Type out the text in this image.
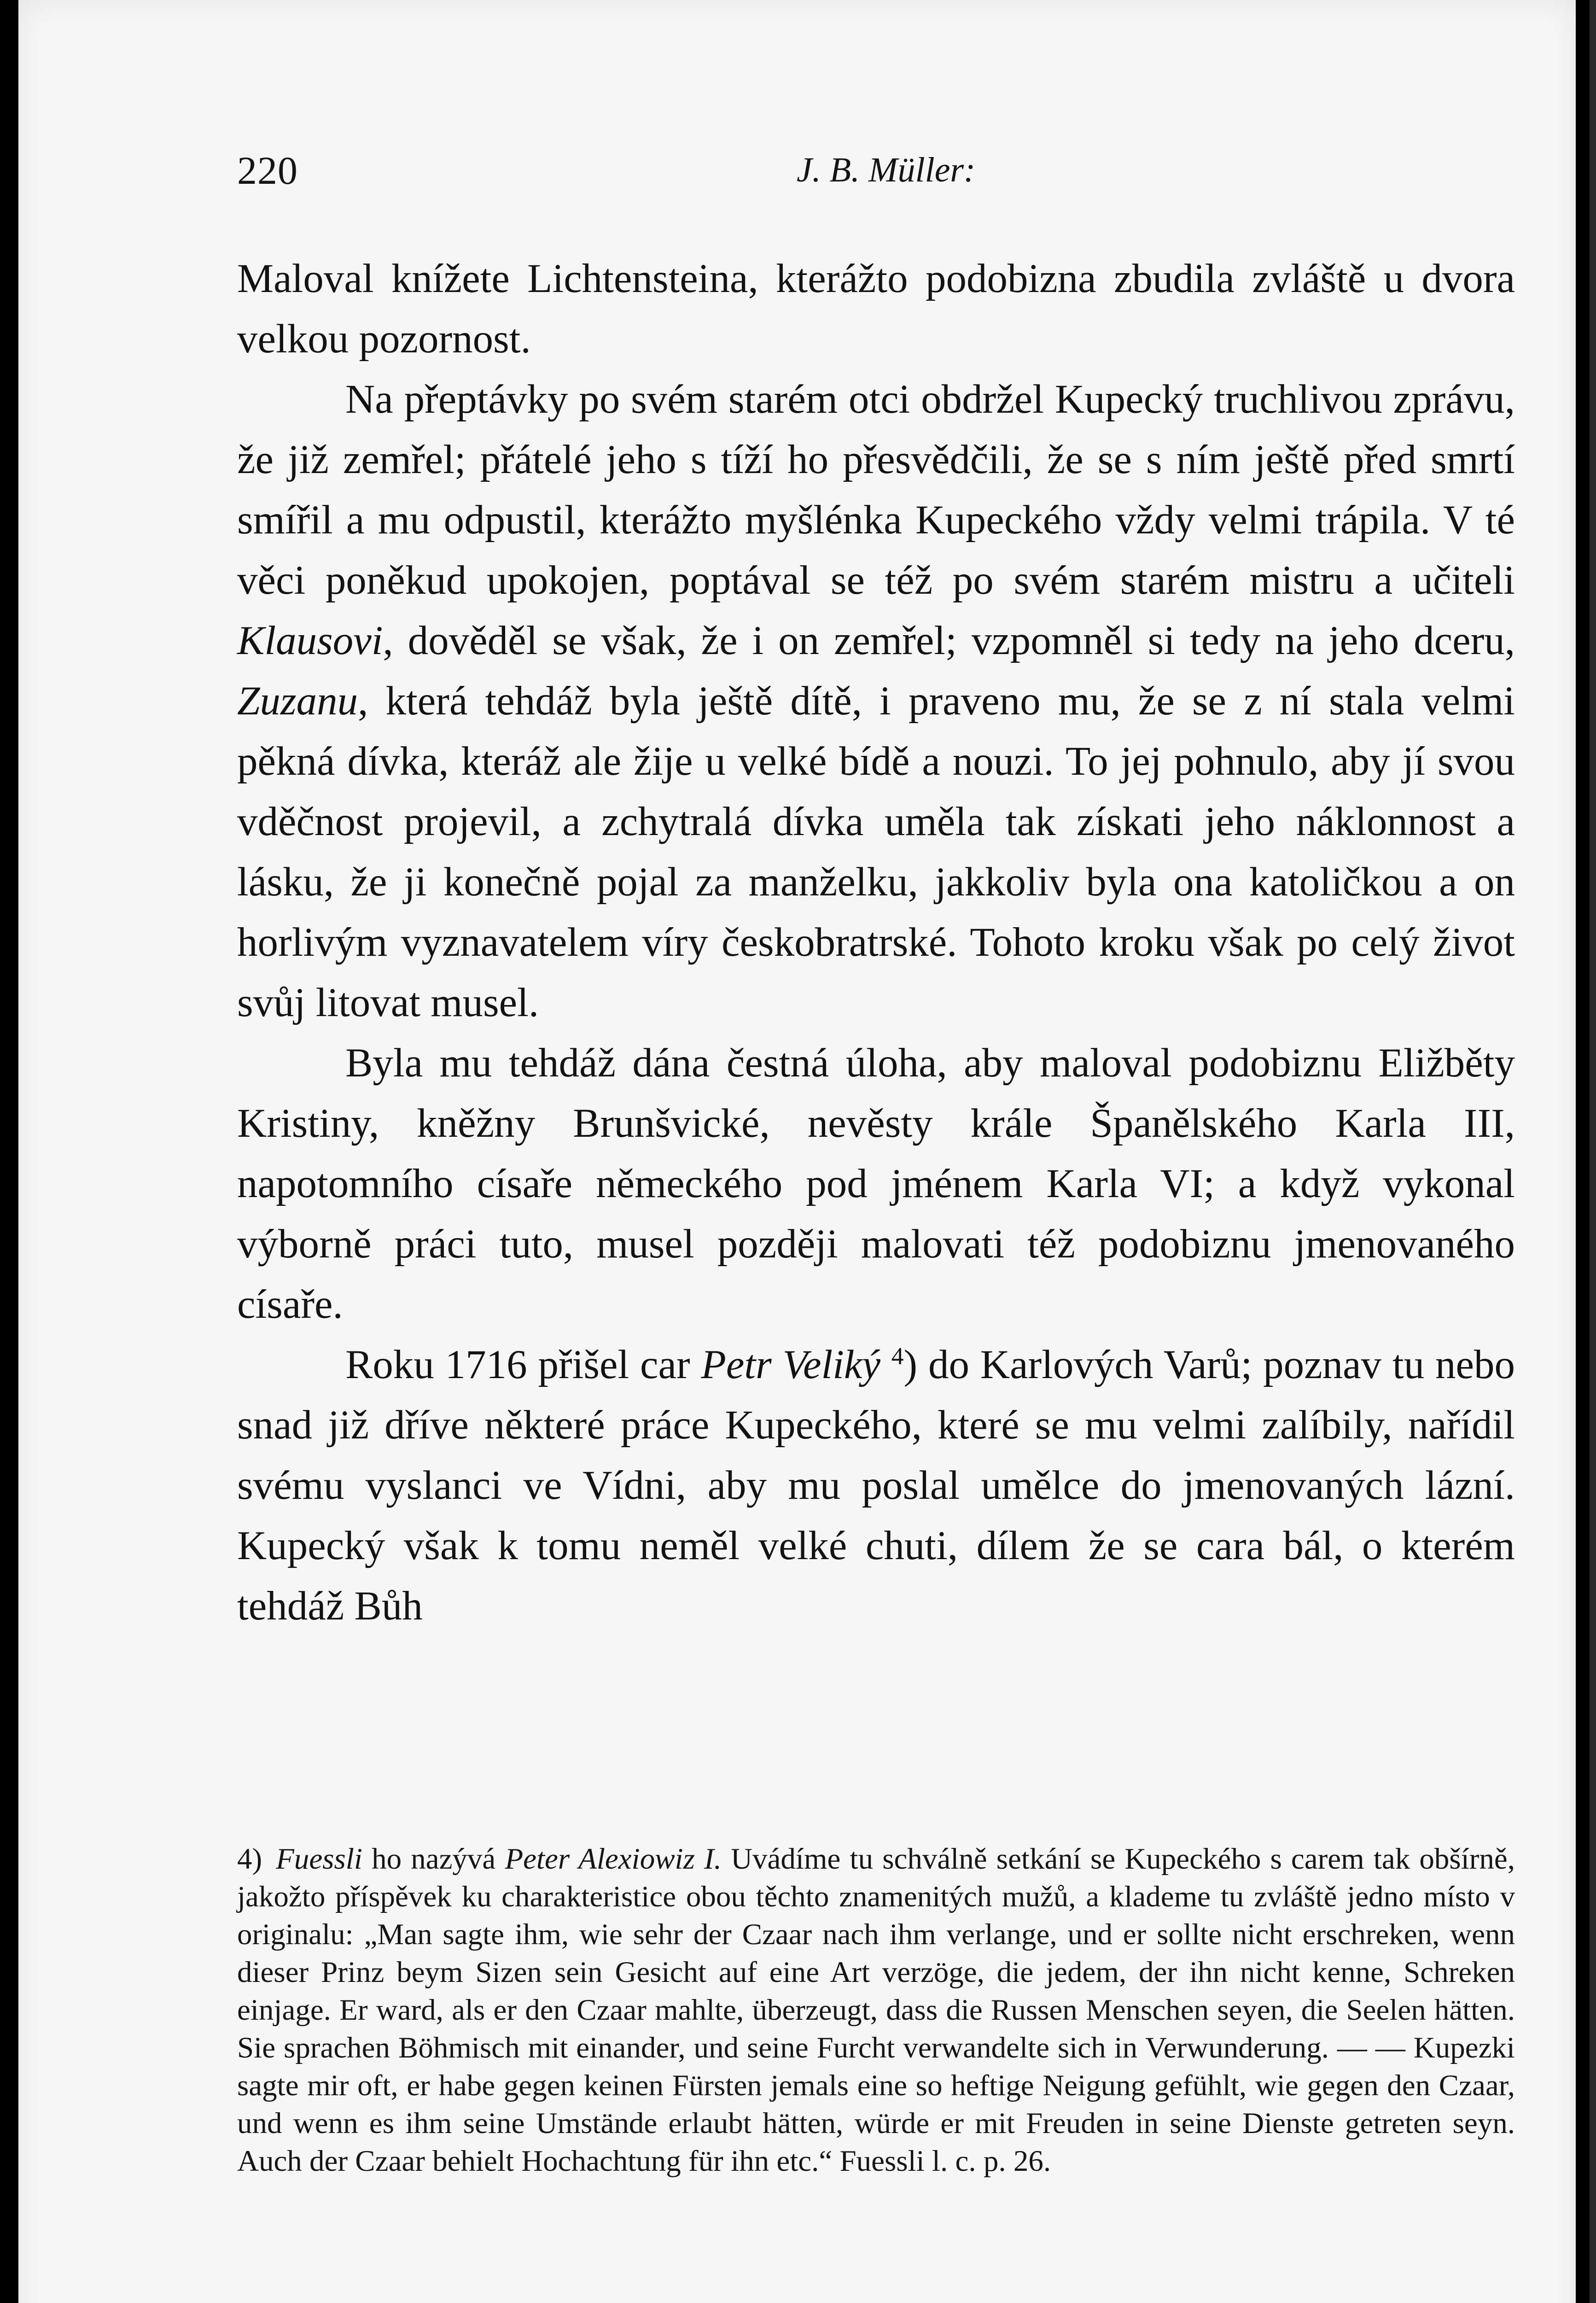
220	J. B. Müller:

Maloval knížete Lichtensteina, kterážto podobizna zbudila zvláště u dvora velkou pozornost.

Na přeptávky po svém starém otci obdržel Kupecký truchlivou zprávu, že již zemřel; přátelé jeho s tíží ho přesvědčili, že se s ním ještě před smrtí smířil a mu odpustil, kterážto myšlénka Kupeckého vždy velmi trápila. V té věci poněkud upokojen, poptával se též po svém starém mistru a učiteli Klausovi, dověděl se však, že i on zemřel; vzpomněl si tedy na jeho dceru, Zuzanu, která tehdáž byla ještě dítě, i praveno mu, že se z ní stala velmi pěkná dívka, kteráž ale žije u velké bídě a nouzi. To jej pohnulo, aby jí svou vděčnost projevil, a zchytralá dívka uměla tak získati jeho náklonnost a lásku, že ji konečně pojal za manželku, jakkoliv byla ona katoličkou a on horlivým vyznavatelem víry českobratrské. Tohoto kroku však po celý život svůj litovat musel.

Byla mu tehdáž dána čestná úloha, aby maloval podobiznu Eližběty Kristiny, kněžny Brunšvické, nevěsty krále Španělského Karla III, napotomního císaře německého pod jménem Karla VI; a když vykonal výborně práci tuto, musel později malovati též podobiznu jmenovaného císaře.

Roku 1716 přišel car Petr Veliký $^4$) do Karlových Varů; poznav tu nebo snad již dříve některé práce Kupeckého, které se mu velmi zalíbily, nařídil svému vyslanci ve Vídni, aby mu poslal umělce do jmenovaných lázní. Kupecký však k tomu neměl velké chuti, dílem že se cara bál, o kterém tehdáž Bůh

4) Fuessli ho nazývá Peter Alexiowiz I. Uvádíme tu schválně setkání se Kupeckého s carem tak obšírně, jakožto příspěvek ku charakteristice obou těchto znamenitých mužů, a klademe tu zvláště jedno místo v originalu: „Man sagte ihm, wie sehr der Czaar nach ihm verlange, und er sollte nicht erschreken, wenn dieser Prinz beym Sizen sein Gesicht auf eine Art verzöge, die jedem, der ihn nicht kenne, Schreken einjage. Er ward, als er den Czaar mahlte, überzeugt, dass die Russen Menschen seyen, die Seelen hätten. Sie sprachen Böhmisch mit einander, und seine Furcht verwandelte sich in Verwunderung. — — Kupezki sagte mir oft, er habe gegen keinen Fürsten jemals eine so heftige Neigung gefühlt, wie gegen den Czaar, und wenn es ihm seine Umstände erlaubt hätten, würde er mit Freuden in seine Dienste getreten seyn. Auch der Czaar behielt Hochachtung für ihn etc.“ Fuessli l. c. p. 26.
